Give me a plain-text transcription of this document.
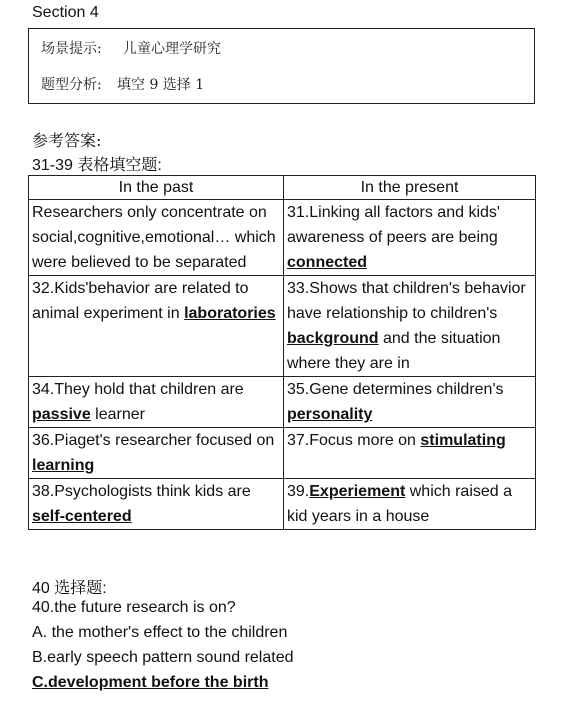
Section 4
场景提示: 儿童心理学研究
题型分析: 填空 9 选择 1
参考答案:
31-39 表格填空题:
In the past	In the present
Researchers only concentrate on social,cognitive,emotional… which were believed to be separated	31.Linking all factors and kids' awareness of peers are being connected
32.Kids'behavior are related to animal experiment in laboratories	33.Shows that children's behavior have relationship to children's background and the situation where they are in
34.They hold that children are passive learner	35.Gene determines children's personality
36.Piaget's researcher focused on learning	37.Focus more on stimulating
38.Psychologists think kids are self-centered	39.Experiement which raised a kid years in a house
40 选择题:
40.the future research is on?
A. the mother's effect to the children
B.early speech pattern sound related
C.development before the birth
